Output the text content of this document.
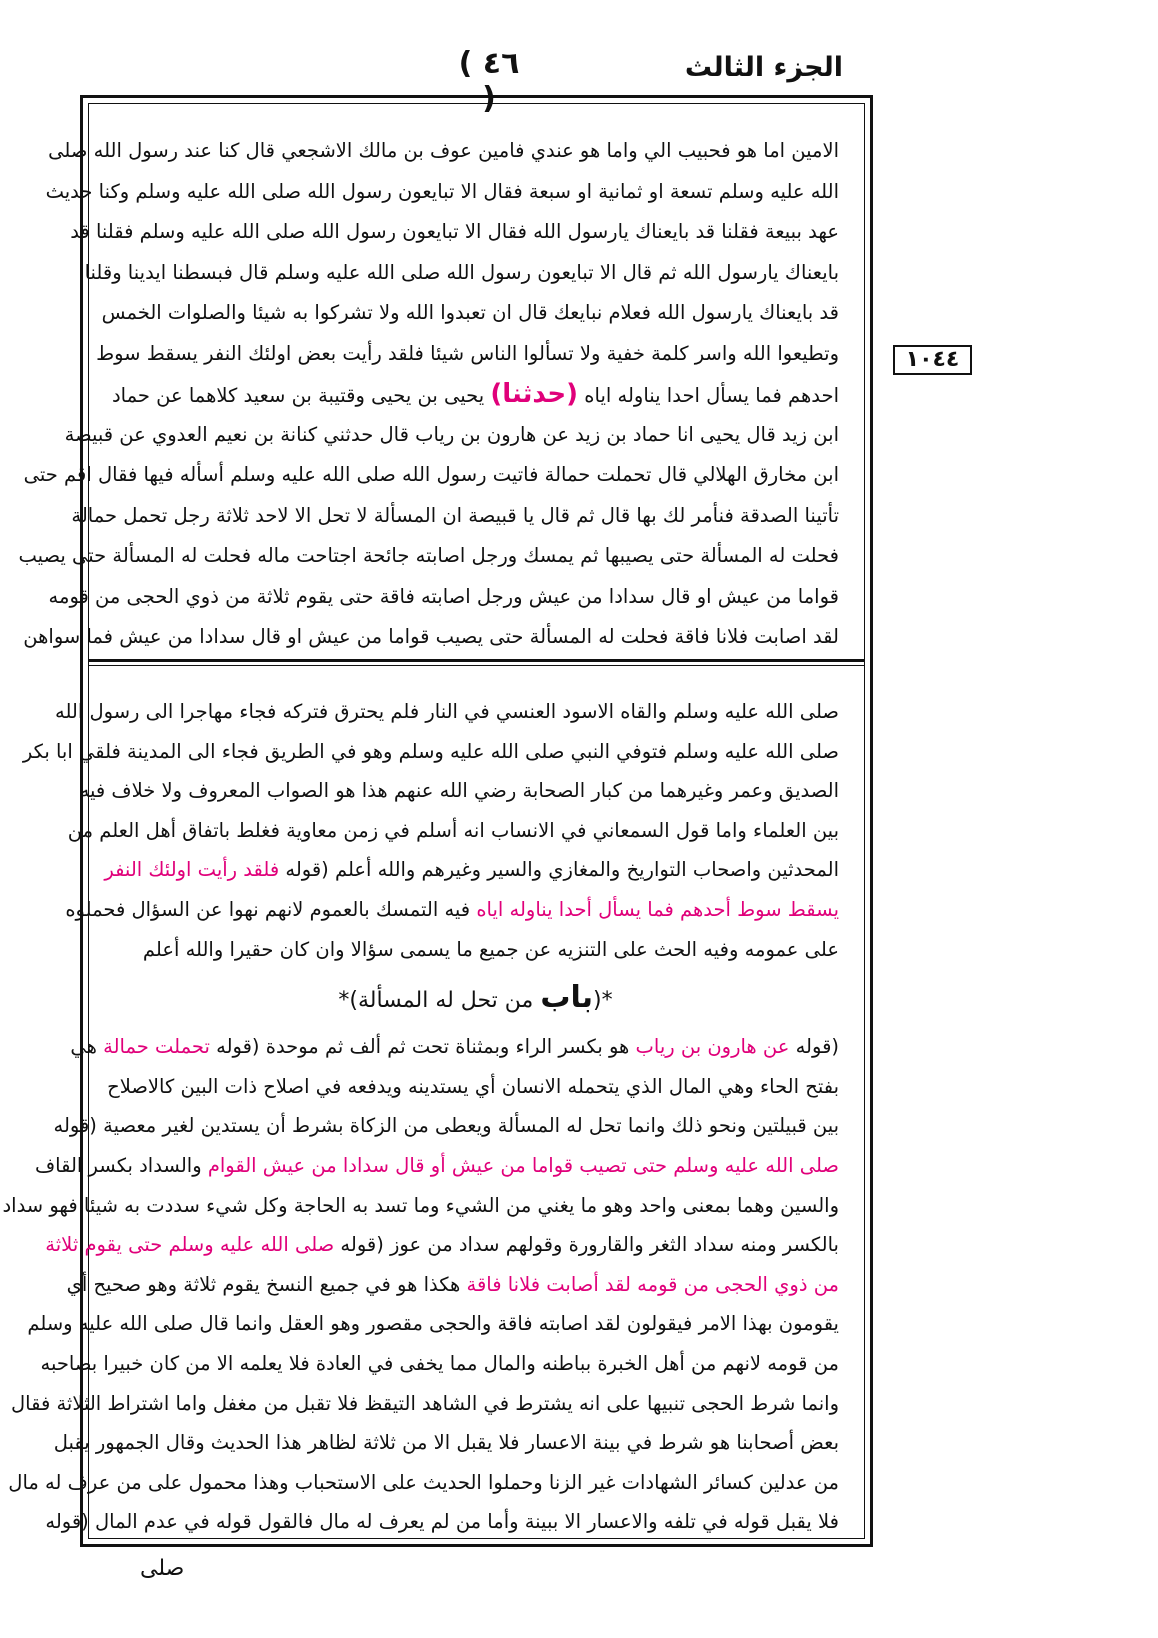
الجزء الثالث
( ٤٦ )
١٠٤٤
الامين اما هو فحبيب الي واما هو عندي فامين عوف بن مالك الاشجعي قال كنا عند رسول الله صلى
الله عليه وسلم تسعة او ثمانية او سبعة فقال الا تبايعون رسول الله صلى الله عليه وسلم وكنا حديث
عهد ببيعة فقلنا قد بايعناك يارسول الله فقال الا تبايعون رسول الله صلى الله عليه وسلم فقلنا قد
بايعناك يارسول الله ثم قال الا تبايعون رسول الله صلى الله عليه وسلم قال فبسطنا ايدينا وقلنا
قد بايعناك يارسول الله فعلام نبايعك قال ان تعبدوا الله ولا تشركوا به شيئا والصلوات الخمس
وتطيعوا الله واسر كلمة خفية ولا تسألوا الناس شيئا فلقد رأيت بعض اولئك النفر يسقط سوط
احدهم فما يسأل احدا يناوله اياه (حدثنا) يحيى بن يحيى وقتيبة بن سعيد كلاهما عن حماد
ابن زيد قال يحيى انا حماد بن زيد عن هارون بن رياب قال حدثني كنانة بن نعيم العدوي عن قبيصة
ابن مخارق الهلالي قال تحملت حمالة فاتيت رسول الله صلى الله عليه وسلم أسأله فيها فقال اقم حتى
تأتينا الصدقة فنأمر لك بها قال ثم قال يا قبيصة ان المسألة لا تحل الا لاحد ثلاثة رجل تحمل حمالة
فحلت له المسألة حتى يصيبها ثم يمسك ورجل اصابته جائحة اجتاحت ماله فحلت له المسألة حتى يصيب
قواما من عيش او قال سدادا من عيش ورجل اصابته فاقة حتى يقوم ثلاثة من ذوي الحجى من قومه
لقد اصابت فلانا فاقة فحلت له المسألة حتى يصيب قواما من عيش او قال سدادا من عيش فما سواهن
صلى الله عليه وسلم والقاه الاسود العنسي في النار فلم يحترق فتركه فجاء مهاجرا الى رسول الله
صلى الله عليه وسلم فتوفي النبي صلى الله عليه وسلم وهو في الطريق فجاء الى المدينة فلقي ابا بكر
الصديق وعمر وغيرهما من كبار الصحابة رضي الله عنهم هذا هو الصواب المعروف ولا خلاف فيه
بين العلماء واما قول السمعاني في الانساب انه أسلم في زمن معاوية فغلط باتفاق أهل العلم من
المحدثين واصحاب التواريخ والمغازي والسير وغيرهم والله أعلم (قوله فلقد رأيت اولئك النفر
يسقط سوط أحدهم فما يسأل أحدا يناوله اياه فيه التمسك بالعموم لانهم نهوا عن السؤال فحملوه
على عمومه وفيه الحث على التنزيه عن جميع ما يسمى سؤالا وان كان حقيرا والله أعلم
*(باب من تحل له المسألة)*
(قوله عن هارون بن رياب هو بكسر الراء وبمثناة تحت ثم ألف ثم موحدة (قوله تحملت حمالة هي
بفتح الحاء وهي المال الذي يتحمله الانسان أي يستدينه ويدفعه في اصلاح ذات البين كالاصلاح
بين قبيلتين ونحو ذلك وانما تحل له المسألة ويعطى من الزكاة بشرط أن يستدين لغير معصية (قوله
صلى الله عليه وسلم حتى تصيب قواما من عيش أو قال سدادا من عيش القوام والسداد بكسر القاف
والسين وهما بمعنى واحد وهو ما يغني من الشيء وما تسد به الحاجة وكل شيء سددت به شيئا فهو سداد
بالكسر ومنه سداد الثغر والقارورة وقولهم سداد من عوز (قوله صلى الله عليه وسلم حتى يقوم ثلاثة
من ذوي الحجى من قومه لقد أصابت فلانا فاقة هكذا هو في جميع النسخ يقوم ثلاثة وهو صحيح أي
يقومون بهذا الامر فيقولون لقد اصابته فاقة والحجى مقصور وهو العقل وانما قال صلى الله عليه وسلم
من قومه لانهم من أهل الخبرة بباطنه والمال مما يخفى في العادة فلا يعلمه الا من كان خبيرا بصاحبه
وانما شرط الحجى تنبيها على انه يشترط في الشاهد التيقظ فلا تقبل من مغفل واما اشتراط الثلاثة فقال
بعض أصحابنا هو شرط في بينة الاعسار فلا يقبل الا من ثلاثة لظاهر هذا الحديث وقال الجمهور يقبل
من عدلين كسائر الشهادات غير الزنا وحملوا الحديث على الاستحباب وهذا محمول على من عرف له مال
فلا يقبل قوله في تلفه والاعسار الا ببينة وأما من لم يعرف له مال فالقول قوله في عدم المال (قوله
صلى
